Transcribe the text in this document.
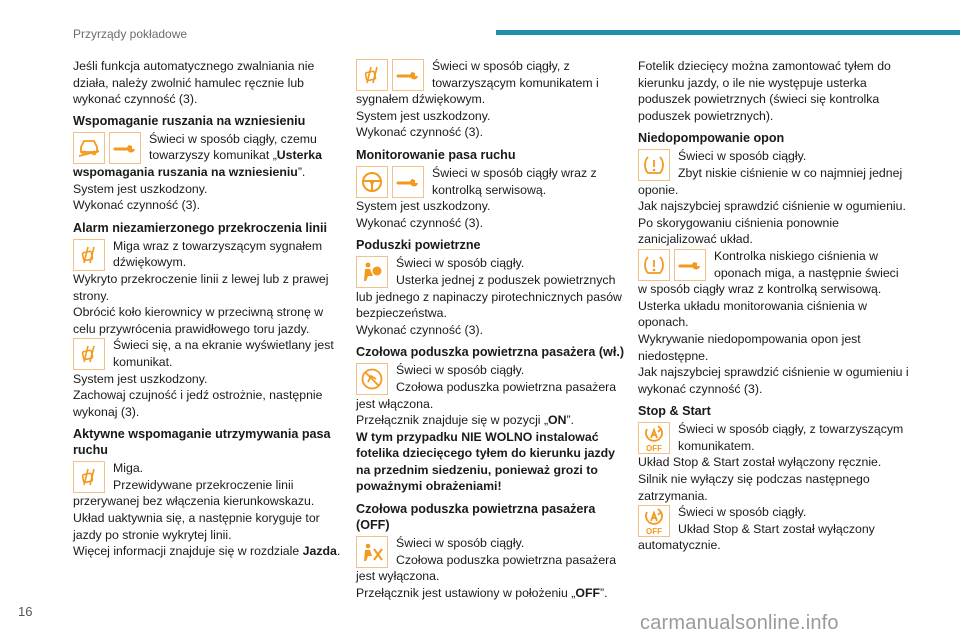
Przyrządy pokładowe

Jeśli funkcja automatycznego zwalniania nie działa, należy zwolnić hamulec ręcznie lub wykonać czynność (3).

Wspomaganie ruszania na wzniesieniu
Świeci w sposób ciągły, czemu towarzyszy komunikat „Usterka wspomagania ruszania na wzniesieniu”.

System jest uszkodzony.

Wykonać czynność (3).

Alarm niezamierzonego przekroczenia linii
Miga wraz z towarzyszącym sygnałem dźwiękowym.

Wykryto przekroczenie linii z lewej lub z prawej strony.

Obrócić koło kierownicy w przeciwną stronę w celu przywrócenia prawidłowego toru jazdy.

Świeci się, a na ekranie wyświetlany jest komunikat.

System jest uszkodzony.

Zachowaj czujność i jedź ostrożnie, następnie wykonaj (3).

Aktywne wspomaganie utrzymywania pasa ruchu
Miga.
Przewidywane przekroczenie linii przerywanej bez włączenia kierunkowskazu.

Układ uaktywnia się, a następnie koryguje tor jazdy po stronie wykrytej linii.

Więcej informacji znajduje się w rozdziale Jazda.

Świeci w sposób ciągły, z towarzyszącym komunikatem i sygnałem dźwiękowym.

System jest uszkodzony.

Wykonać czynność (3).

Monitorowanie pasa ruchu
Świeci w sposób ciągły wraz z kontrolką serwisową.

System jest uszkodzony.

Wykonać czynność (3).

Poduszki powietrzne
Świeci w sposób ciągły.
Usterka jednej z poduszek powietrznych lub jednego z napinaczy pirotechnicznych pasów bezpieczeństwa.

Wykonać czynność (3).

Czołowa poduszka powietrzna pasażera (wł.)
Świeci w sposób ciągły.
Czołowa poduszka powietrzna pasażera jest włączona.

Przełącznik znajduje się w pozycji „ON”.

W tym przypadku NIE WOLNO instalować fotelika dziecięcego tyłem do kierunku jazdy na przednim siedzeniu, ponieważ grozi to poważnymi obrażeniami!

Czołowa poduszka powietrzna pasażera (OFF)
Świeci w sposób ciągły.
Czołowa poduszka powietrzna pasażera jest wyłączona.

Przełącznik jest ustawiony w położeniu „OFF”.

Fotelik dziecięcy można zamontować tyłem do kierunku jazdy, o ile nie występuje usterka poduszek powietrznych (świeci się kontrolka poduszek powietrznych).

Niedopompowanie opon
Świeci w sposób ciągły.
Zbyt niskie ciśnienie w co najmniej jednej oponie.

Jak najszybciej sprawdzić ciśnienie w ogumieniu.

Po skorygowaniu ciśnienia ponownie zanicjalizować układ.

Kontrolka niskiego ciśnienia w oponach miga, a następnie świeci w sposób ciągły wraz z kontrolką serwisową.

Usterka układu monitorowania ciśnienia w oponach.

Wykrywanie niedopompowania opon jest niedostępne.

Jak najszybciej sprawdzić ciśnienie w ogumieniu i wykonać czynność (3).

Stop & Start
OFF
Świeci w sposób ciągły, z towarzyszącym komunikatem.

Układ Stop & Start został wyłączony ręcznie.

Silnik nie wyłączy się podczas następnego zatrzymania.

OFF
Świeci w sposób ciągły.
Układ Stop & Start został wyłączony automatycznie.
16
carmanualsonline.info
